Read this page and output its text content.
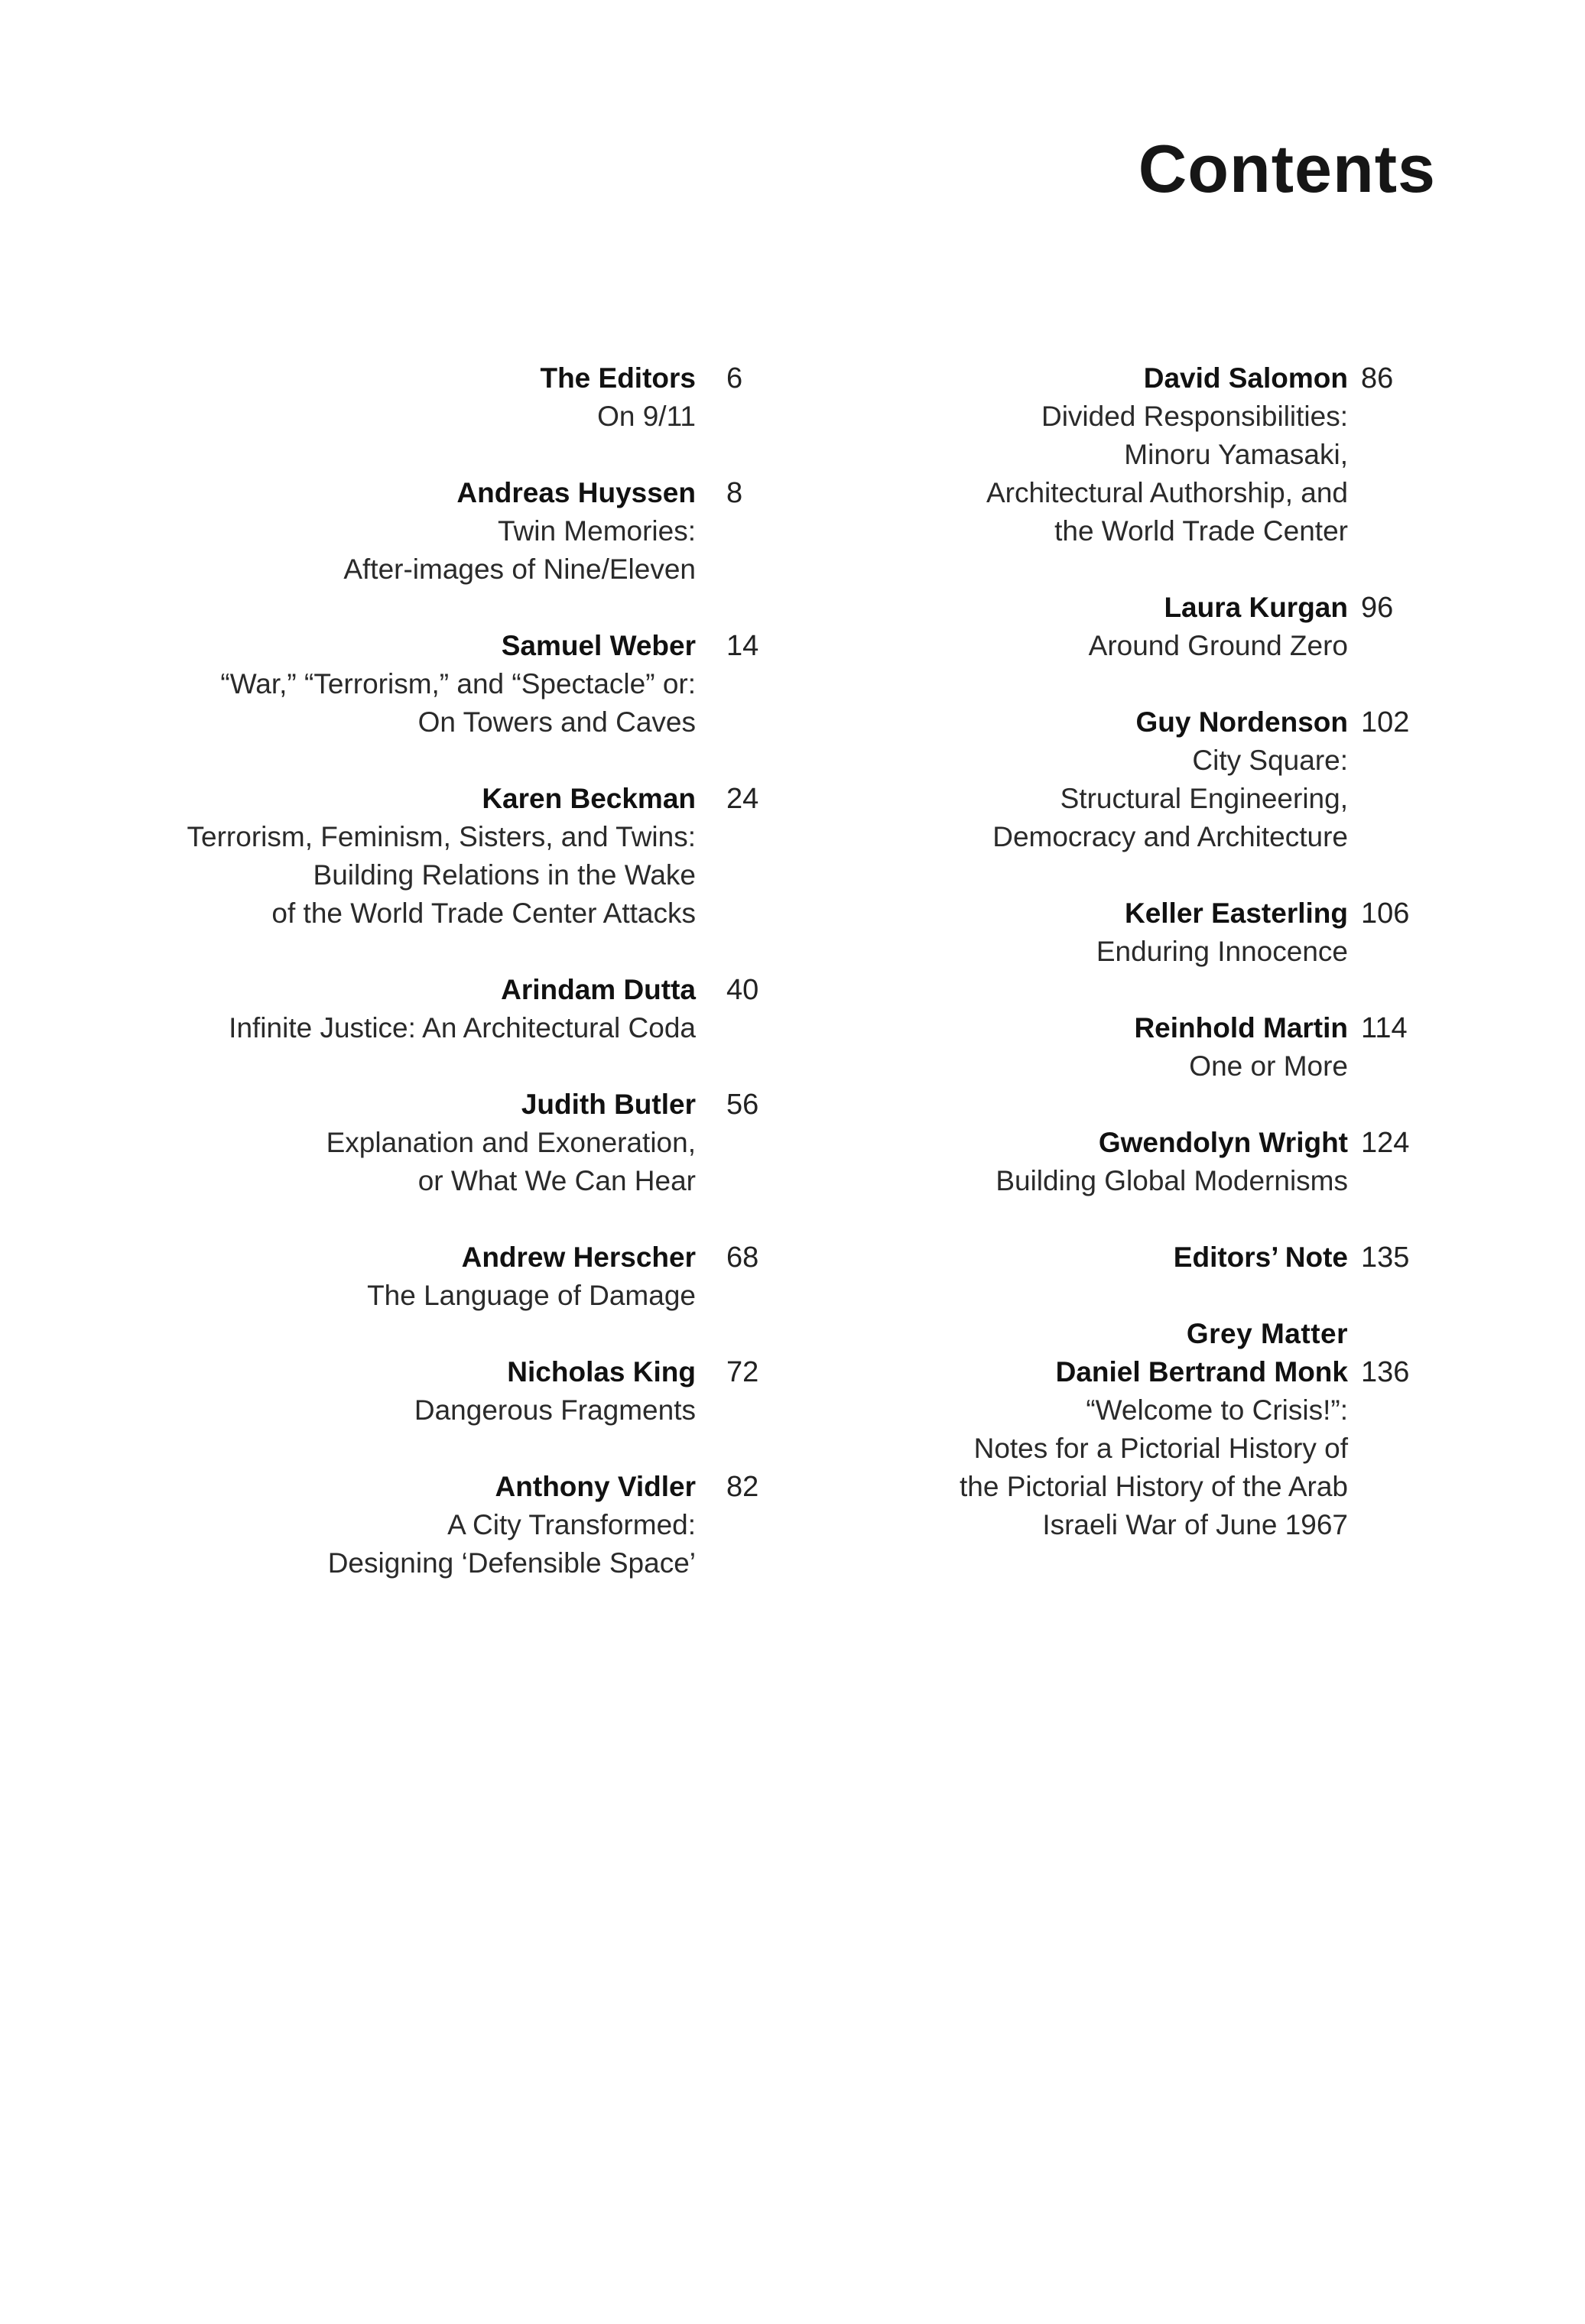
Contents
The Editors
On 9/11
6
Andreas Huyssen
Twin Memories:
After-images of Nine/Eleven
8
Samuel Weber
“War,” “Terrorism,” and “Spectacle” or:
On Towers and Caves
14
Karen Beckman
Terrorism, Feminism, Sisters, and Twins:
Building Relations in the Wake
of the World Trade Center Attacks
24
Arindam Dutta
Infinite Justice: An Architectural Coda
40
Judith Butler
Explanation and Exoneration,
or What We Can Hear
56
Andrew Herscher
The Language of Damage
68
Nicholas King
Dangerous Fragments
72
Anthony Vidler
A City Transformed:
Designing ‘Defensible Space’
82
David Salomon
Divided Responsibilities:
Minoru Yamasaki,
Architectural Authorship, and
the World Trade Center
86
Laura Kurgan
Around Ground Zero
96
Guy Nordenson
City Square:
Structural Engineering,
Democracy and Architecture
102
Keller Easterling
Enduring Innocence
106
Reinhold Martin
One or More
114
Gwendolyn Wright
Building Global Modernisms
124
Editors’ Note 135
Grey Matter
Daniel Bertrand Monk
“Welcome to Crisis!”:
Notes for a Pictorial History of
the Pictorial History of the Arab
Israeli War of June 1967
136
